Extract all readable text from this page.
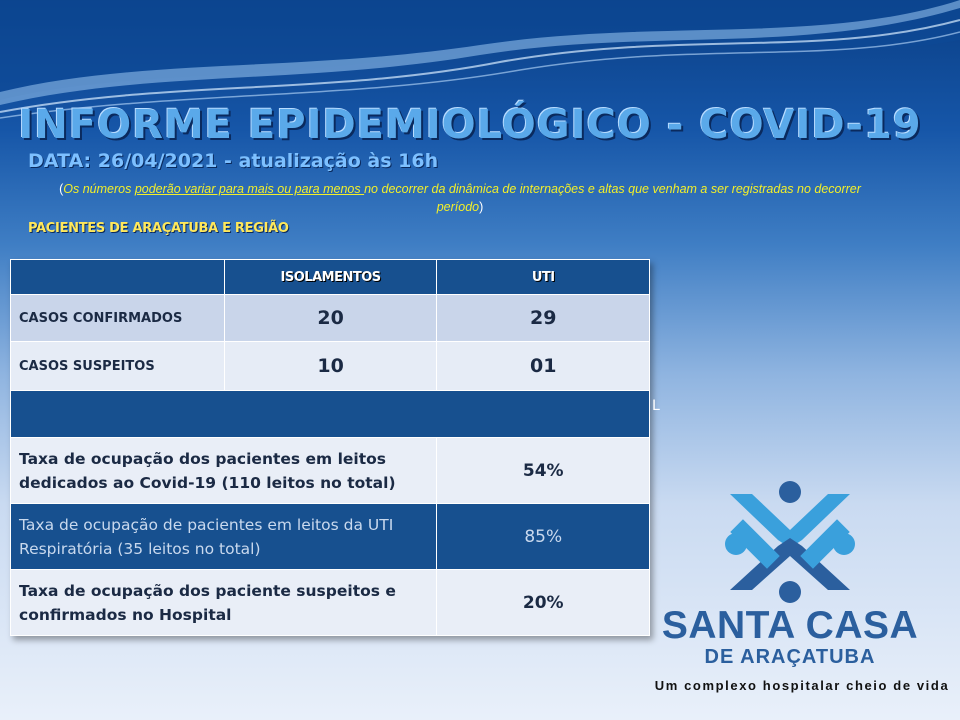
INFORME EPIDEMIOLÓGICO - COVID-19
DATA: 26/04/2021 - atualização às 16h
(Os números poderão variar para mais ou para menos no decorrer da dinâmica de internações e altas que venham a ser registradas no decorrer período)
PACIENTES DE ARAÇATUBA E REGIÃO
	ISOLAMENTOS	UTI
CASOS CONFIRMADOS	20	29
CASOS SUSPEITOS	10	01

Taxa de ocupação dos pacientes em leitos dedicados ao Covid-19 (110 leitos no total)		54%
Taxa de ocupação de pacientes em leitos da UTI Respiratória (35 leitos no total)		85%
Taxa de ocupação dos paciente suspeitos e confirmados no Hospital		20%
L
SANTA CASA
DE ARAÇATUBA
Um complexo hospitalar cheio de vida
